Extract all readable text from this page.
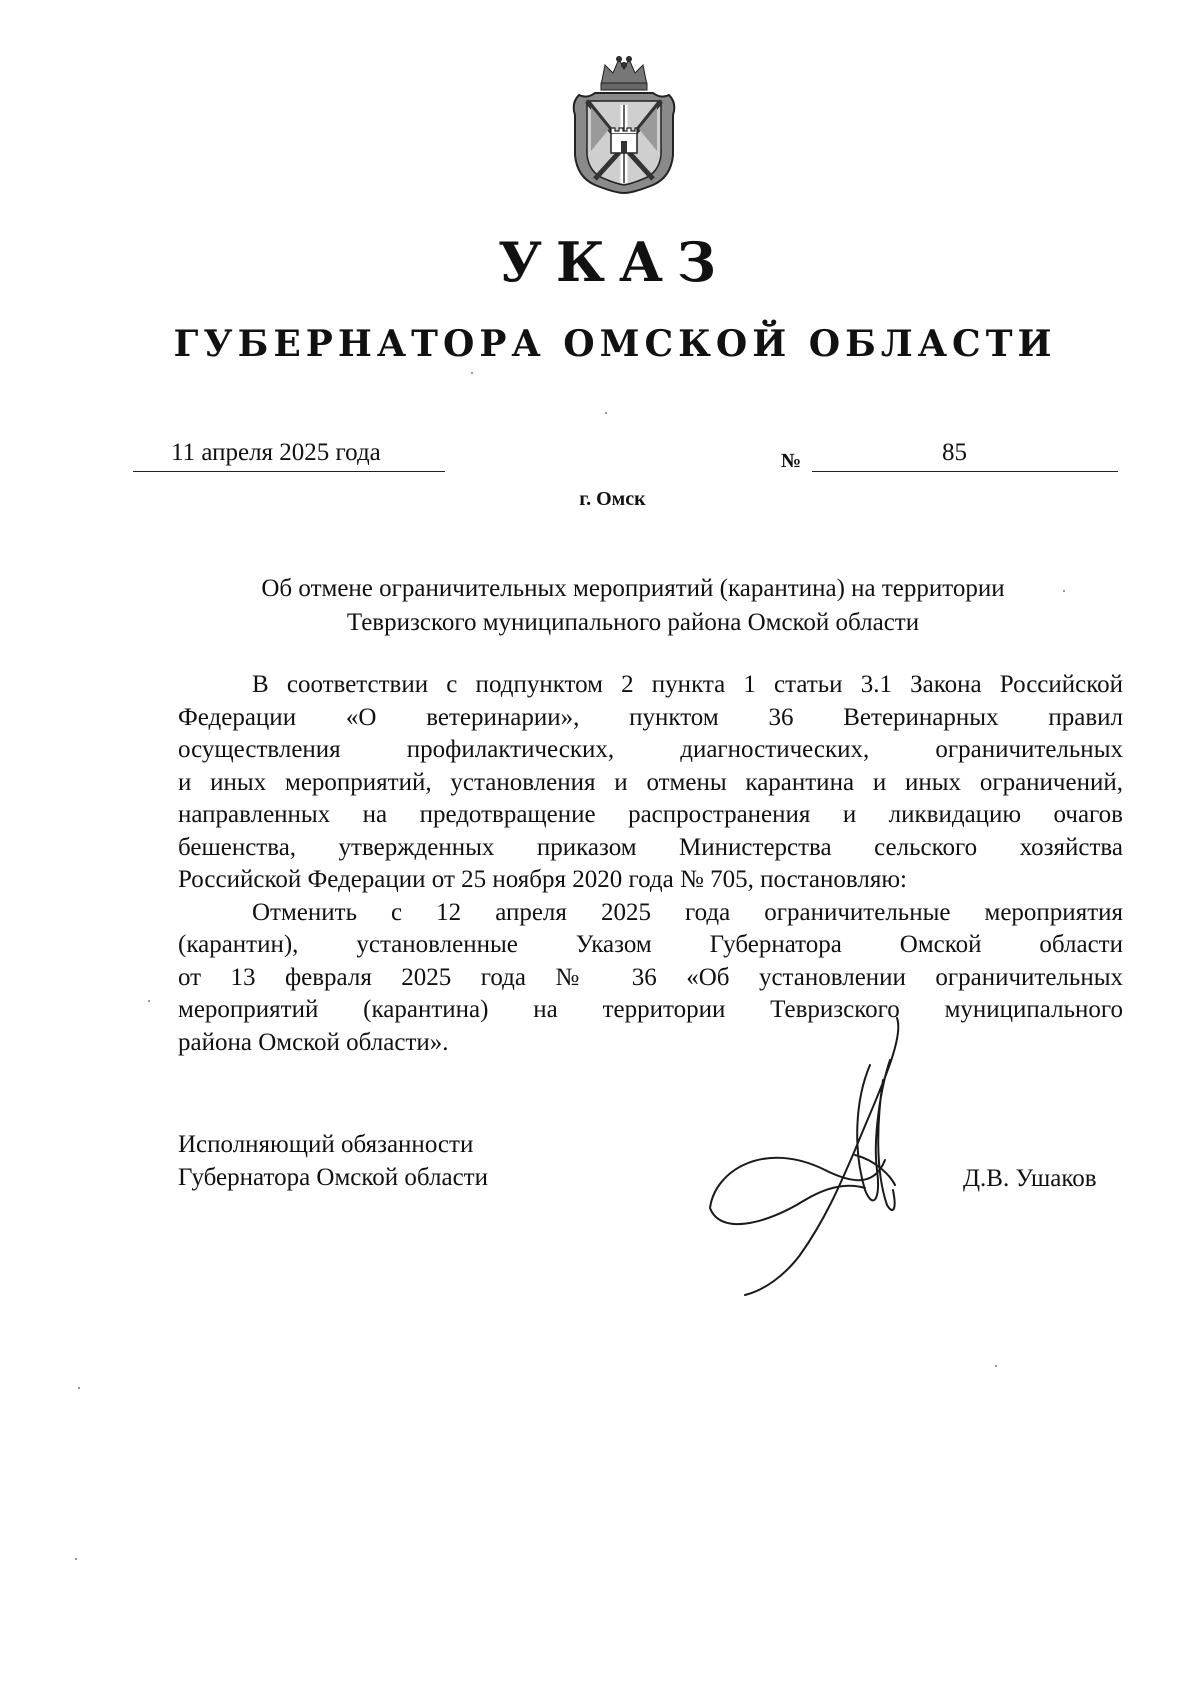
УКАЗ
ГУБЕРНАТОРА ОМСКОЙ ОБЛАСТИ
11 апреля 2025 года	№	85
г. Омск
Об отмене ограничительных мероприятий (карантина) на территории
Тевризского муниципального района Омской области
В соответствии с подпунктом 2 пункта 1 статьи 3.1 Закона Российской
Федерации «О ветеринарии», пунктом 36 Ветеринарных правил
осуществления профилактических, диагностических, ограничительных
и иных мероприятий, установления и отмены карантина и иных ограничений,
направленных на предотвращение распространения и ликвидацию очагов
бешенства, утвержденных приказом Министерства сельского хозяйства
Российской Федерации от 25 ноября 2020 года № 705, постановляю:
Отменить с 12 апреля 2025 года ограничительные мероприятия
(карантин), установленные Указом Губернатора Омской области
от 13 февраля 2025 года № 36 «Об установлении ограничительных
мероприятий (карантина) на территории Тевризского муниципального
района Омской области».
Исполняющий обязанности
Губернатора Омской области	Д.В. Ушаков
